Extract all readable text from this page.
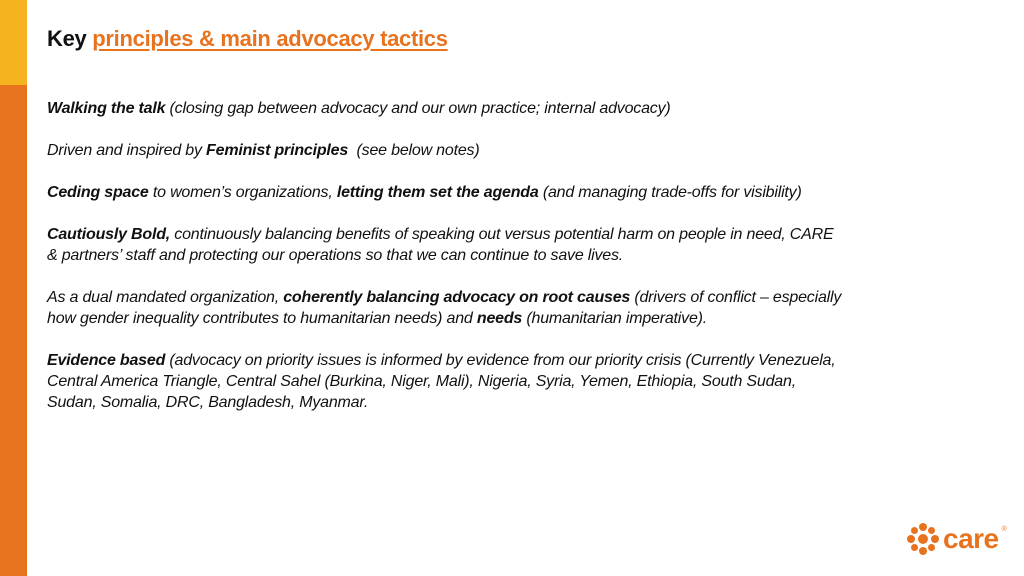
Key principles & main advocacy tactics

Walking the talk (closing gap between advocacy and our own practice; internal advocacy)

Driven and inspired by Feminist principles  (see below notes)

Ceding space to women’s organizations, letting them set the agenda (and managing trade-offs for visibility)

Cautiously Bold, continuously balancing benefits of speaking out versus potential harm on people in need, CARE & partners’ staff and protecting our operations so that we can continue to save lives.

As a dual mandated organization, coherently balancing advocacy on root causes (drivers of conflict – especially how gender inequality contributes to humanitarian needs) and needs (humanitarian imperative).

Evidence based (advocacy on priority issues is informed by evidence from our priority crisis (Currently Venezuela, Central America Triangle, Central Sahel (Burkina, Niger, Mali), Nigeria, Syria, Yemen, Ethiopia, South Sudan, Sudan, Somalia, DRC, Bangladesh, Myanmar.

care ®
